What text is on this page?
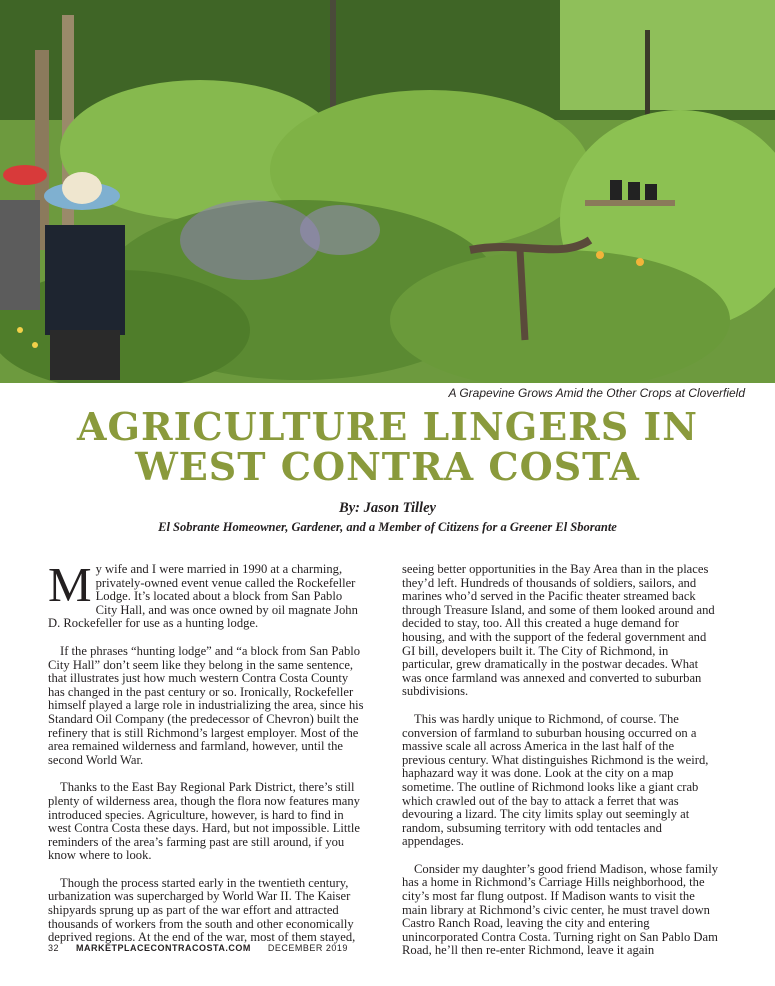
A Grapevine Grows Amid the Other Crops at Cloverfield
AGRICULTURE LINGERS IN
WEST CONTRA COSTA
By: Jason Tilley
El Sobrante Homeowner, Gardener, and a Member of Citizens for a Greener El Sborante

My wife and I were married in 1990 at a charming, privately-owned event venue called the Rockefeller Lodge. It’s located about a block from San Pablo City Hall, and was once owned by oil magnate John D. Rockefeller for use as a hunting lodge.

If the phrases “hunting lodge” and “a block from San Pablo City Hall” don’t seem like they belong in the same sentence, that illustrates just how much western Contra Costa County has changed in the past century or so. Ironically, Rockefeller himself played a large role in industrializing the area, since his Standard Oil Company (the predecessor of Chevron) built the refinery that is still Richmond’s largest employer. Most of the area remained wilderness and farmland, however, until the second World War.

Thanks to the East Bay Regional Park District, there’s still plenty of wilderness area, though the flora now features many introduced species. Agriculture, however, is hard to find in west Contra Costa these days. Hard, but not impossible. Little reminders of the area’s farming past are still around, if you know where to look.

Though the process started early in the twentieth century, urbanization was supercharged by World War II. The Kaiser shipyards sprung up as part of the war effort and attracted thousands of workers from the south and other economically deprived regions. At the end of the war, most of them stayed,

seeing better opportunities in the Bay Area than in the places they’d left. Hundreds of thousands of soldiers, sailors, and marines who’d served in the Pacific theater streamed back through Treasure Island, and some of them looked around and decided to stay, too. All this created a huge demand for housing, and with the support of the federal government and GI bill, developers built it. The City of Richmond, in particular, grew dramatically in the postwar decades. What was once farmland was annexed and converted to suburban subdivisions.

This was hardly unique to Richmond, of course. The conversion of farmland to suburban housing occurred on a massive scale all across America in the last half of the previous century. What distinguishes Richmond is the weird, haphazard way it was done. Look at the city on a map sometime. The outline of Richmond looks like a giant crab which crawled out of the bay to attack a ferret that was devouring a lizard. The city limits splay out seemingly at random, subsuming territory with odd tentacles and appendages.

Consider my daughter’s good friend Madison, whose family has a home in Richmond’s Carriage Hills neighborhood, the city’s most far flung outpost. If Madison wants to visit the main library at Richmond’s civic center, he must travel down Castro Ranch Road, leaving the city and entering unincorporated Contra Costa. Turning right on San Pablo Dam Road, he’ll then re-enter Richmond, leave it again

32 MARKETPLACECONTRACOSTA.COM DECEMBER 2019
